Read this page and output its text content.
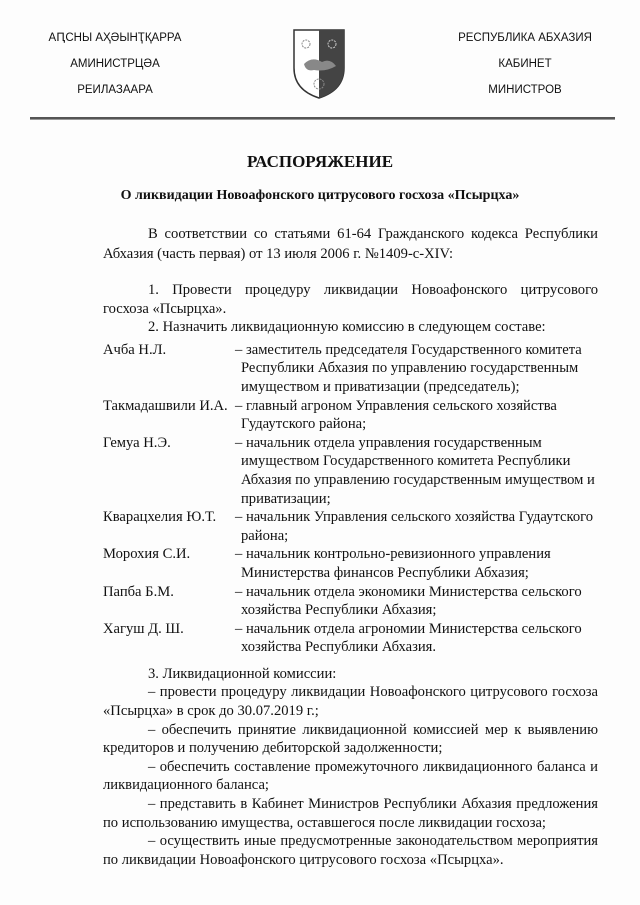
АԤСНЫ АҲӘЫНҬҚАРРА
АМИНИСТРЦӘА
РЕИЛАЗААРА
РЕСПУБЛИКА АБХАЗИЯ
КАБИНЕТ
МИНИСТРОВ
РАСПОРЯЖЕНИЕ
О ликвидации Новоафонского цитрусового госхоза «Псырцха»

В соответствии со статьями 61-64 Гражданского кодекса Республики Абхазия (часть первая) от 13 июля 2006 г. №1409-с-XIV:

1. Провести процедуру ликвидации Новоафонского цитрусового госхоза «Псырцха».

2. Назначить ликвидационную комиссию в следующем составе:

Ачба Н.Л.	– заместитель председателя Государственного комитета Республики Абхазия по управлению государственным имуществом и приватизации (председатель);
Такмадашвили И.А. – главный агроном Управления сельского хозяйства Гудаутского района;
Гемуа Н.Э.	– начальник отдела управления государственным имуществом Государственного комитета Республики Абхазия по управлению государственным имуществом и приватизации;
Кварацхелия Ю.Т.	– начальник Управления сельского хозяйства Гудаутского района;
Морохия С.И.	– начальник контрольно-ревизионного управления Министерства финансов Республики Абхазия;
Папба Б.М.	– начальник отдела экономики Министерства сельского хозяйства Республики Абхазия;
Хагуш Д. Ш.	– начальник отдела агрономии Министерства сельского хозяйства Республики Абхазия.

3. Ликвидационной комиссии:

– провести процедуру ликвидации Новоафонского цитрусового госхоза «Псырцха» в срок до 30.07.2019 г.;

– обеспечить принятие ликвидационной комиссией мер к выявлению кредиторов и получению дебиторской задолженности;

– обеспечить составление промежуточного ликвидационного баланса и ликвидационного баланса;

– представить в Кабинет Министров Республики Абхазия предложения по использованию имущества, оставшегося после ликвидации госхоза;

– осуществить иные предусмотренные законодательством мероприятия по ликвидации Новоафонского цитрусового госхоза «Псырцха».
